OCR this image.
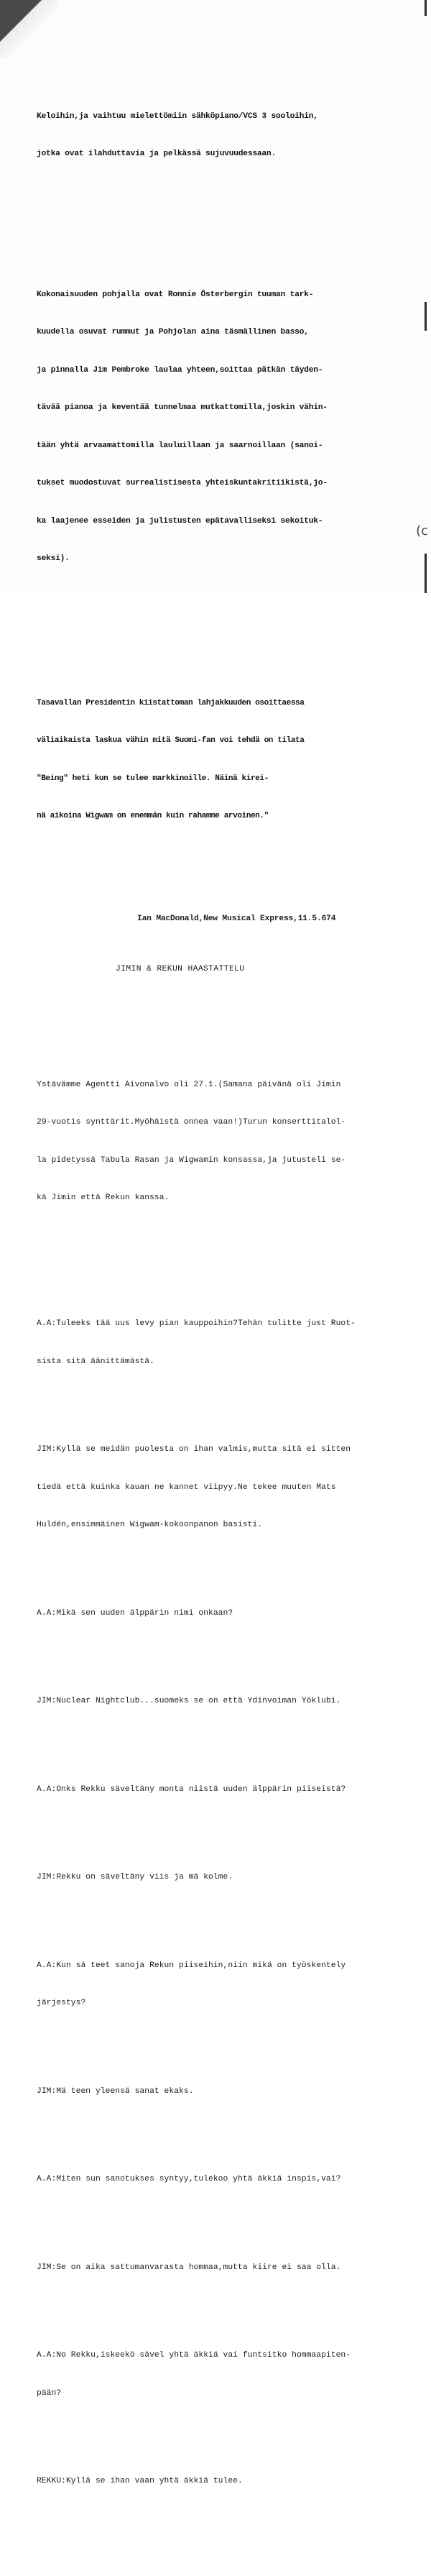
(c

Keloihin,ja vaihtuu mielettömiin sähköpiano/VCS 3 sooloihin,

jotka ovat ilahduttavia ja pelkässä sujuvuudessaan.

Kokonaisuuden pohjalla ovat Ronnie Österbergin tuuman tark-

kuudella osuvat rummut ja Pohjolan aina täsmällinen basso,

ja pinnalla Jim Pembroke laulaa yhteen,soittaa pätkän täyden-

tävää pianoa ja keventää tunnelmaa mutkattomilla,joskin vähin-

tään yhtä arvaamattomilla lauluillaan ja saarnoillaan (sanoi-

tukset muodostuvat surrealistisesta yhteiskuntakritiikistä,jo-

ka laajenee esseiden ja julistusten epätavalliseksi sekoituk-

seksi).

Tasavallan Presidentin kiistattoman lahjakkuuden osoittaessa

väliaikaista laskua vähin mitä Suomi-fan voi tehdä on tilata

"Being" heti kun se tulee markkinoille. Näinä kirei-

nä aikoina Wigwam on enemmän kuin rahamme arvoinen."

Ian MacDonald,New Musical Express,11.5.674

JIMIN & REKUN HAASTATTELU

Ystävämme Agentti Aivonalvo oli 27.1.(Samana päivänä oli Jimin

29-vuotis synttärit.Myöhäistä onnea vaan!)Turun konserttitalol-

la pidetyssä Tabula Rasan ja Wigwamin konsassa,ja jutusteli se-

kä Jimin että Rekun kanssa.

A.A:Tuleeks tää uus levy pian kauppoihin?Tehän tulitte just Ruot-

sista sitä äänittämästä.

JIM:Kyllä se meidän puolesta on ihan valmis,mutta sitä ei sitten

tiedä että kuinka kauan ne kannet viipyy.Ne tekee muuten Mats

Huldén,ensimmäinen Wigwam-kokoonpanon basisti.

A.A:Mikä sen uuden älppärin nimi onkaan?

JIM:Nuclear Nightclub...suomeks se on että Ydinvoiman Yöklubi.

A.A:Onks Rekku säveltäny monta niistä uuden älppärin piiseistä?

JIM:Rekku on säveltäny viis ja mä kolme.

A.A:Kun sä teet sanoja Rekun piiseihin,niin mikä on työskentely

järjestys?

JIM:Mä teen yleensä sanat ekaks.

A.A:Miten sun sanotukses syntyy,tulekoo yhtä äkkiä inspis,vai?

JIM:Se on aika sattumanvarasta hommaa,mutta kiire ei saa olla.

A.A:No Rekku,iskeekö sävel yhtä äkkiä vai funtsitko hommaapiten-

pään?

REKKU:Kyllä se ihan vaan yhtä äkkiä tulee.
